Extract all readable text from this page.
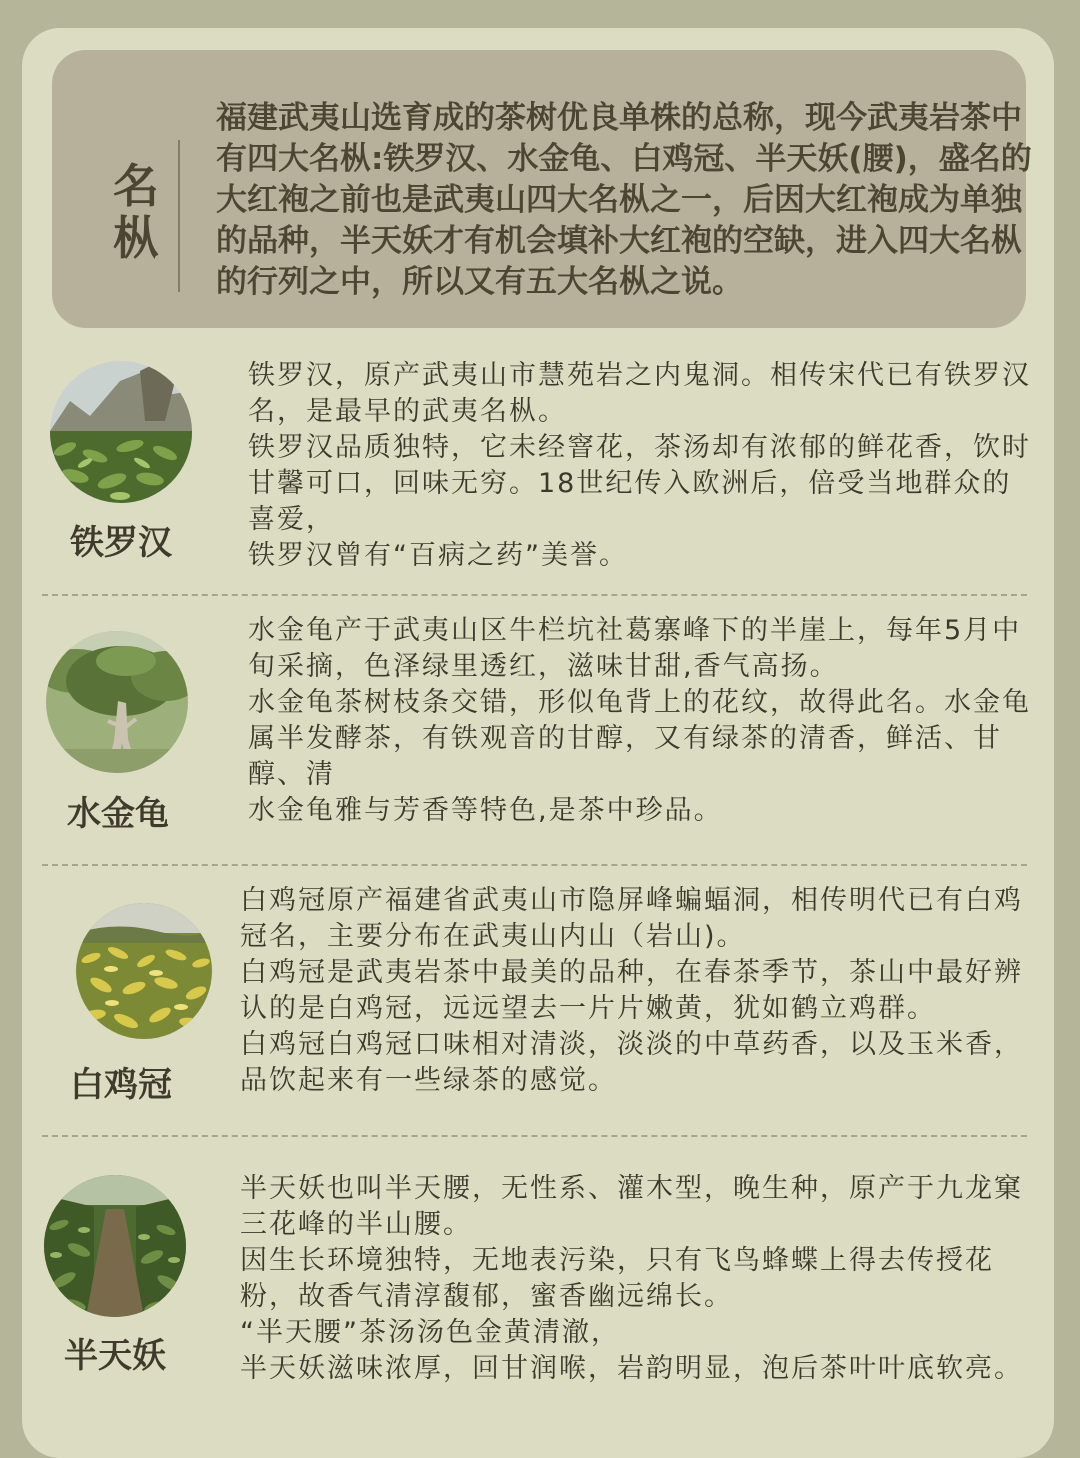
名枞

福建武夷山选育成的茶树优良单株的总称，现今武夷岩茶中有四大名枞:铁罗汉、水金龟、白鸡冠、半天妖(腰)，盛名的大红袍之前也是武夷山四大名枞之一，后因大红袍成为单独的品种，半天妖才有机会填补大红袍的空缺，进入四大名枞的行列之中，所以又有五大名枞之说。

铁罗汉

铁罗汉，原产武夷山市慧苑岩之内鬼洞。相传宋代已有铁罗汉名，是最早的武夷名枞。

铁罗汉品质独特，它未经窨花，茶汤却有浓郁的鲜花香，饮时甘馨可口，回味无穷。18世纪传入欧洲后，倍受当地群众的喜爱，

铁罗汉曾有“百病之药”美誉。

水金龟

水金龟产于武夷山区牛栏坑社葛寨峰下的半崖上，每年5月中旬采摘，色泽绿里透红，滋味甘甜,香气高扬。

水金龟茶树枝条交错，形似龟背上的花纹，故得此名。水金龟属半发酵茶，有铁观音的甘醇，又有绿茶的清香，鲜活、甘醇、清

水金龟雅与芳香等特色,是茶中珍品。

白鸡冠

白鸡冠原产福建省武夷山市隐屏峰蝙蝠洞，相传明代已有白鸡冠名，主要分布在武夷山内山（岩山)。

白鸡冠是武夷岩茶中最美的品种，在春茶季节，茶山中最好辨认的是白鸡冠，远远望去一片片嫩黄，犹如鹤立鸡群。

白鸡冠白鸡冠口味相对清淡，淡淡的中草药香，以及玉米香，品饮起来有一些绿茶的感觉。

半天妖

半天妖也叫半天腰，无性系、灌木型，晚生种，原产于九龙窠三花峰的半山腰。

因生长环境独特，无地表污染，只有飞鸟蜂蝶上得去传授花粉，故香气清淳馥郁，蜜香幽远绵长。

“半天腰”茶汤汤色金黄清澈，

半天妖滋味浓厚，回甘润喉，岩韵明显，泡后茶叶叶底软亮。
